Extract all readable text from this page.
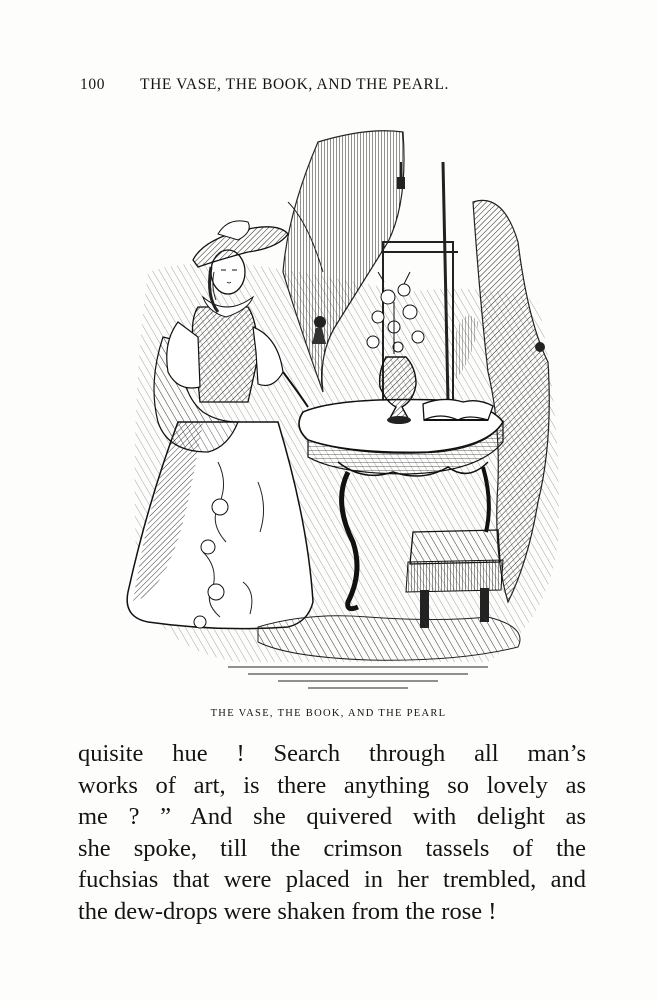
100 THE VASE, THE BOOK, AND THE PEARL.
THE VASE, THE BOOK, AND THE PEARL
quisite hue ! Search through all man’s
works of art, is there anything so lovely as
me ? ” And she quivered with delight as
she spoke, till the crimson tassels of the
fuchsias that were placed in her trembled, and
the dew-drops were shaken from the rose !
